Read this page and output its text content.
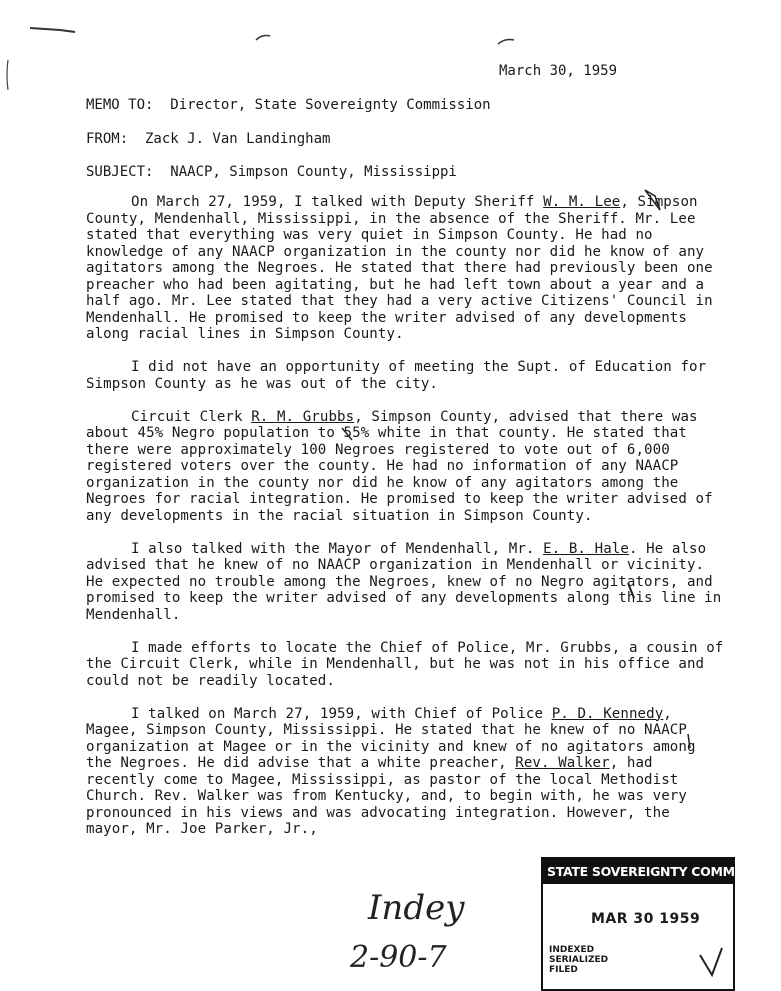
March 30, 1959
MEMO TO:  Director, State Sovereignty Commission
FROM:  Zack J. Van Landingham
SUBJECT:  NAACP, Simpson County, Mississippi

On March 27, 1959, I talked with Deputy Sheriff W. M. Lee, Simpson County, Mendenhall, Mississippi, in the absence of the Sheriff. Mr. Lee stated that everything was very quiet in Simpson County. He had no knowledge of any NAACP organization in the county nor did he know of any agitators among the Negroes. He stated that there had previously been one preacher who had been agitating, but he had left town about a year and a half ago. Mr. Lee stated that they had a very active Citizens' Council in Mendenhall. He promised to keep the writer advised of any developments along racial lines in Simpson County.

I did not have an opportunity of meeting the Supt. of Education for Simpson County as he was out of the city.

Circuit Clerk R. M. Grubbs, Simpson County, advised that there was about 45% Negro population to 55% white in that county. He stated that there were approximately 100 Negroes registered to vote out of 6,000 registered voters over the county. He had no information of any NAACP organization in the county nor did he know of any agitators among the Negroes for racial integration. He promised to keep the writer advised of any developments in the racial situation in Simpson County.

I also talked with the Mayor of Mendenhall, Mr. E. B. Hale. He also advised that he knew of no NAACP organization in Mendenhall or vicinity. He expected no trouble among the Negroes, knew of no Negro agitators, and promised to keep the writer advised of any developments along this line in Mendenhall.

I made efforts to locate the Chief of Police, Mr. Grubbs, a cousin of the Circuit Clerk, while in Mendenhall, but he was not in his office and could not be readily located.

I talked on March 27, 1959, with Chief of Police P. D. Kennedy, Magee, Simpson County, Mississippi. He stated that he knew of no NAACP organization at Magee or in the vicinity and knew of no agitators among the Negroes. He did advise that a white preacher, Rev. Walker, had recently come to Magee, Mississippi, as pastor of the local Methodist Church. Rev. Walker was from Kentucky, and, to begin with, he was very pronounced in his views and was advocating integration. However, the mayor, Mr. Joe Parker, Jr.,

STATE SOVEREIGNTY COMMISSION
MAR 30 1959
INDEXED
SERIALIZED
FILED
Indey
2-90-7
